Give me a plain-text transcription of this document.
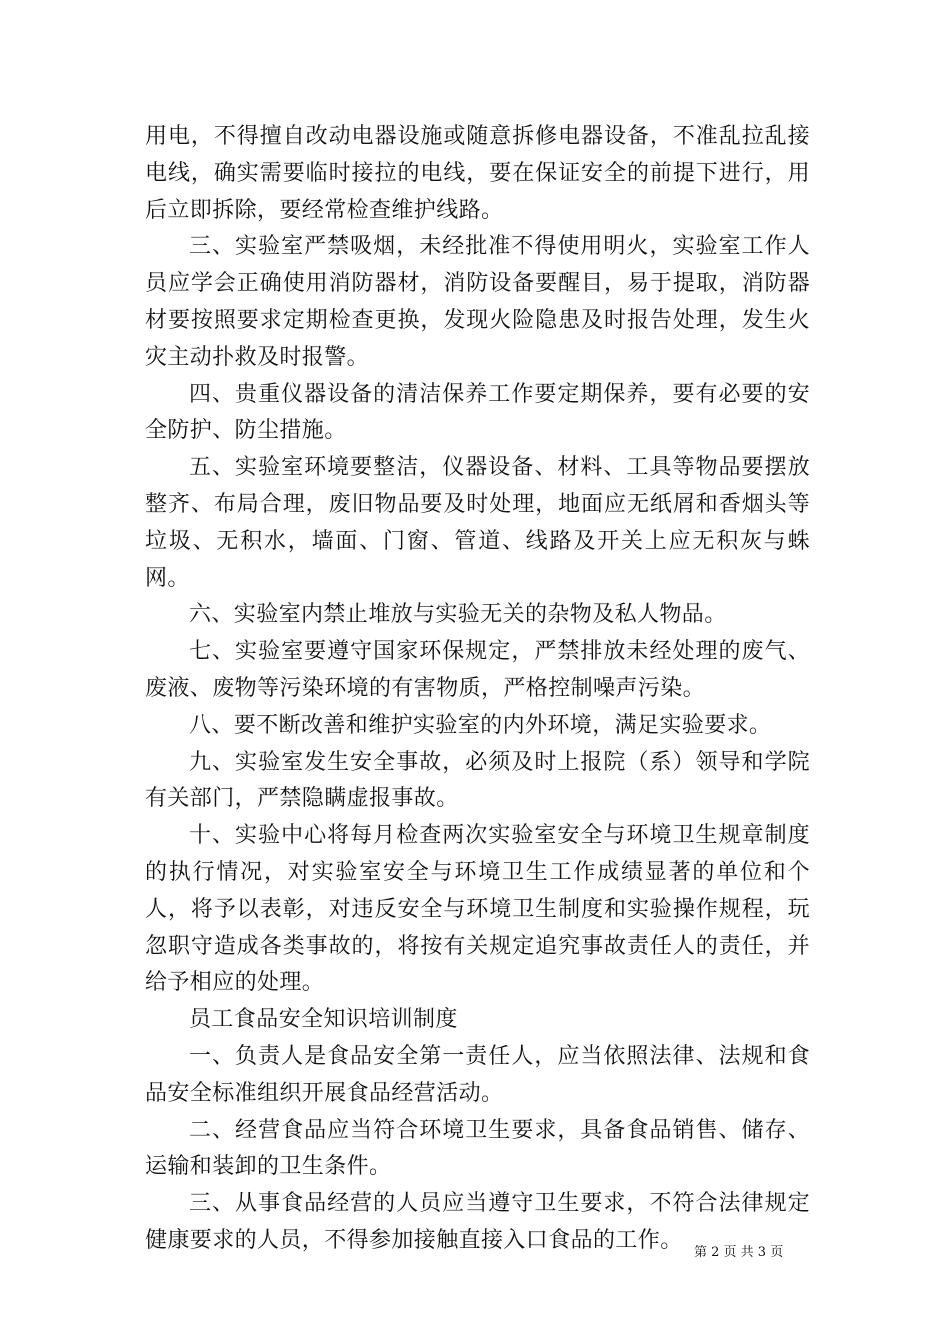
用电，不得擅自改动电器设施或随意拆修电器设备，不准乱拉乱接电线，确实需要临时接拉的电线，要在保证安全的前提下进行，用后立即拆除，要经常检查维护线路。

三、实验室严禁吸烟，未经批准不得使用明火，实验室工作人员应学会正确使用消防器材，消防设备要醒目，易于提取，消防器材要按照要求定期检查更换，发现火险隐患及时报告处理，发生火灾主动扑救及时报警。

四、贵重仪器设备的清洁保养工作要定期保养，要有必要的安全防护、防尘措施。

五、实验室环境要整洁，仪器设备、材料、工具等物品要摆放整齐、布局合理，废旧物品要及时处理，地面应无纸屑和香烟头等垃圾、无积水，墙面、门窗、管道、线路及开关上应无积灰与蛛网。

六、实验室内禁止堆放与实验无关的杂物及私人物品。

七、实验室要遵守国家环保规定，严禁排放未经处理的废气、废液、废物等污染环境的有害物质，严格控制噪声污染。

八、要不断改善和维护实验室的内外环境，满足实验要求。

九、实验室发生安全事故，必须及时上报院（系）领导和学院有关部门，严禁隐瞒虚报事故。

十、实验中心将每月检查两次实验室安全与环境卫生规章制度的执行情况，对实验室安全与环境卫生工作成绩显著的单位和个人，将予以表彰，对违反安全与环境卫生制度和实验操作规程，玩忽职守造成各类事故的，将按有关规定追究事故责任人的责任，并给予相应的处理。

员工食品安全知识培训制度

一、负责人是食品安全第一责任人，应当依照法律、法规和食品安全标准组织开展食品经营活动。

二、经营食品应当符合环境卫生要求，具备食品销售、储存、运输和装卸的卫生条件。

三、从事食品经营的人员应当遵守卫生要求，不符合法律规定健康要求的人员，不得参加接触直接入口食品的工作。 第 2 页 共 3 页
